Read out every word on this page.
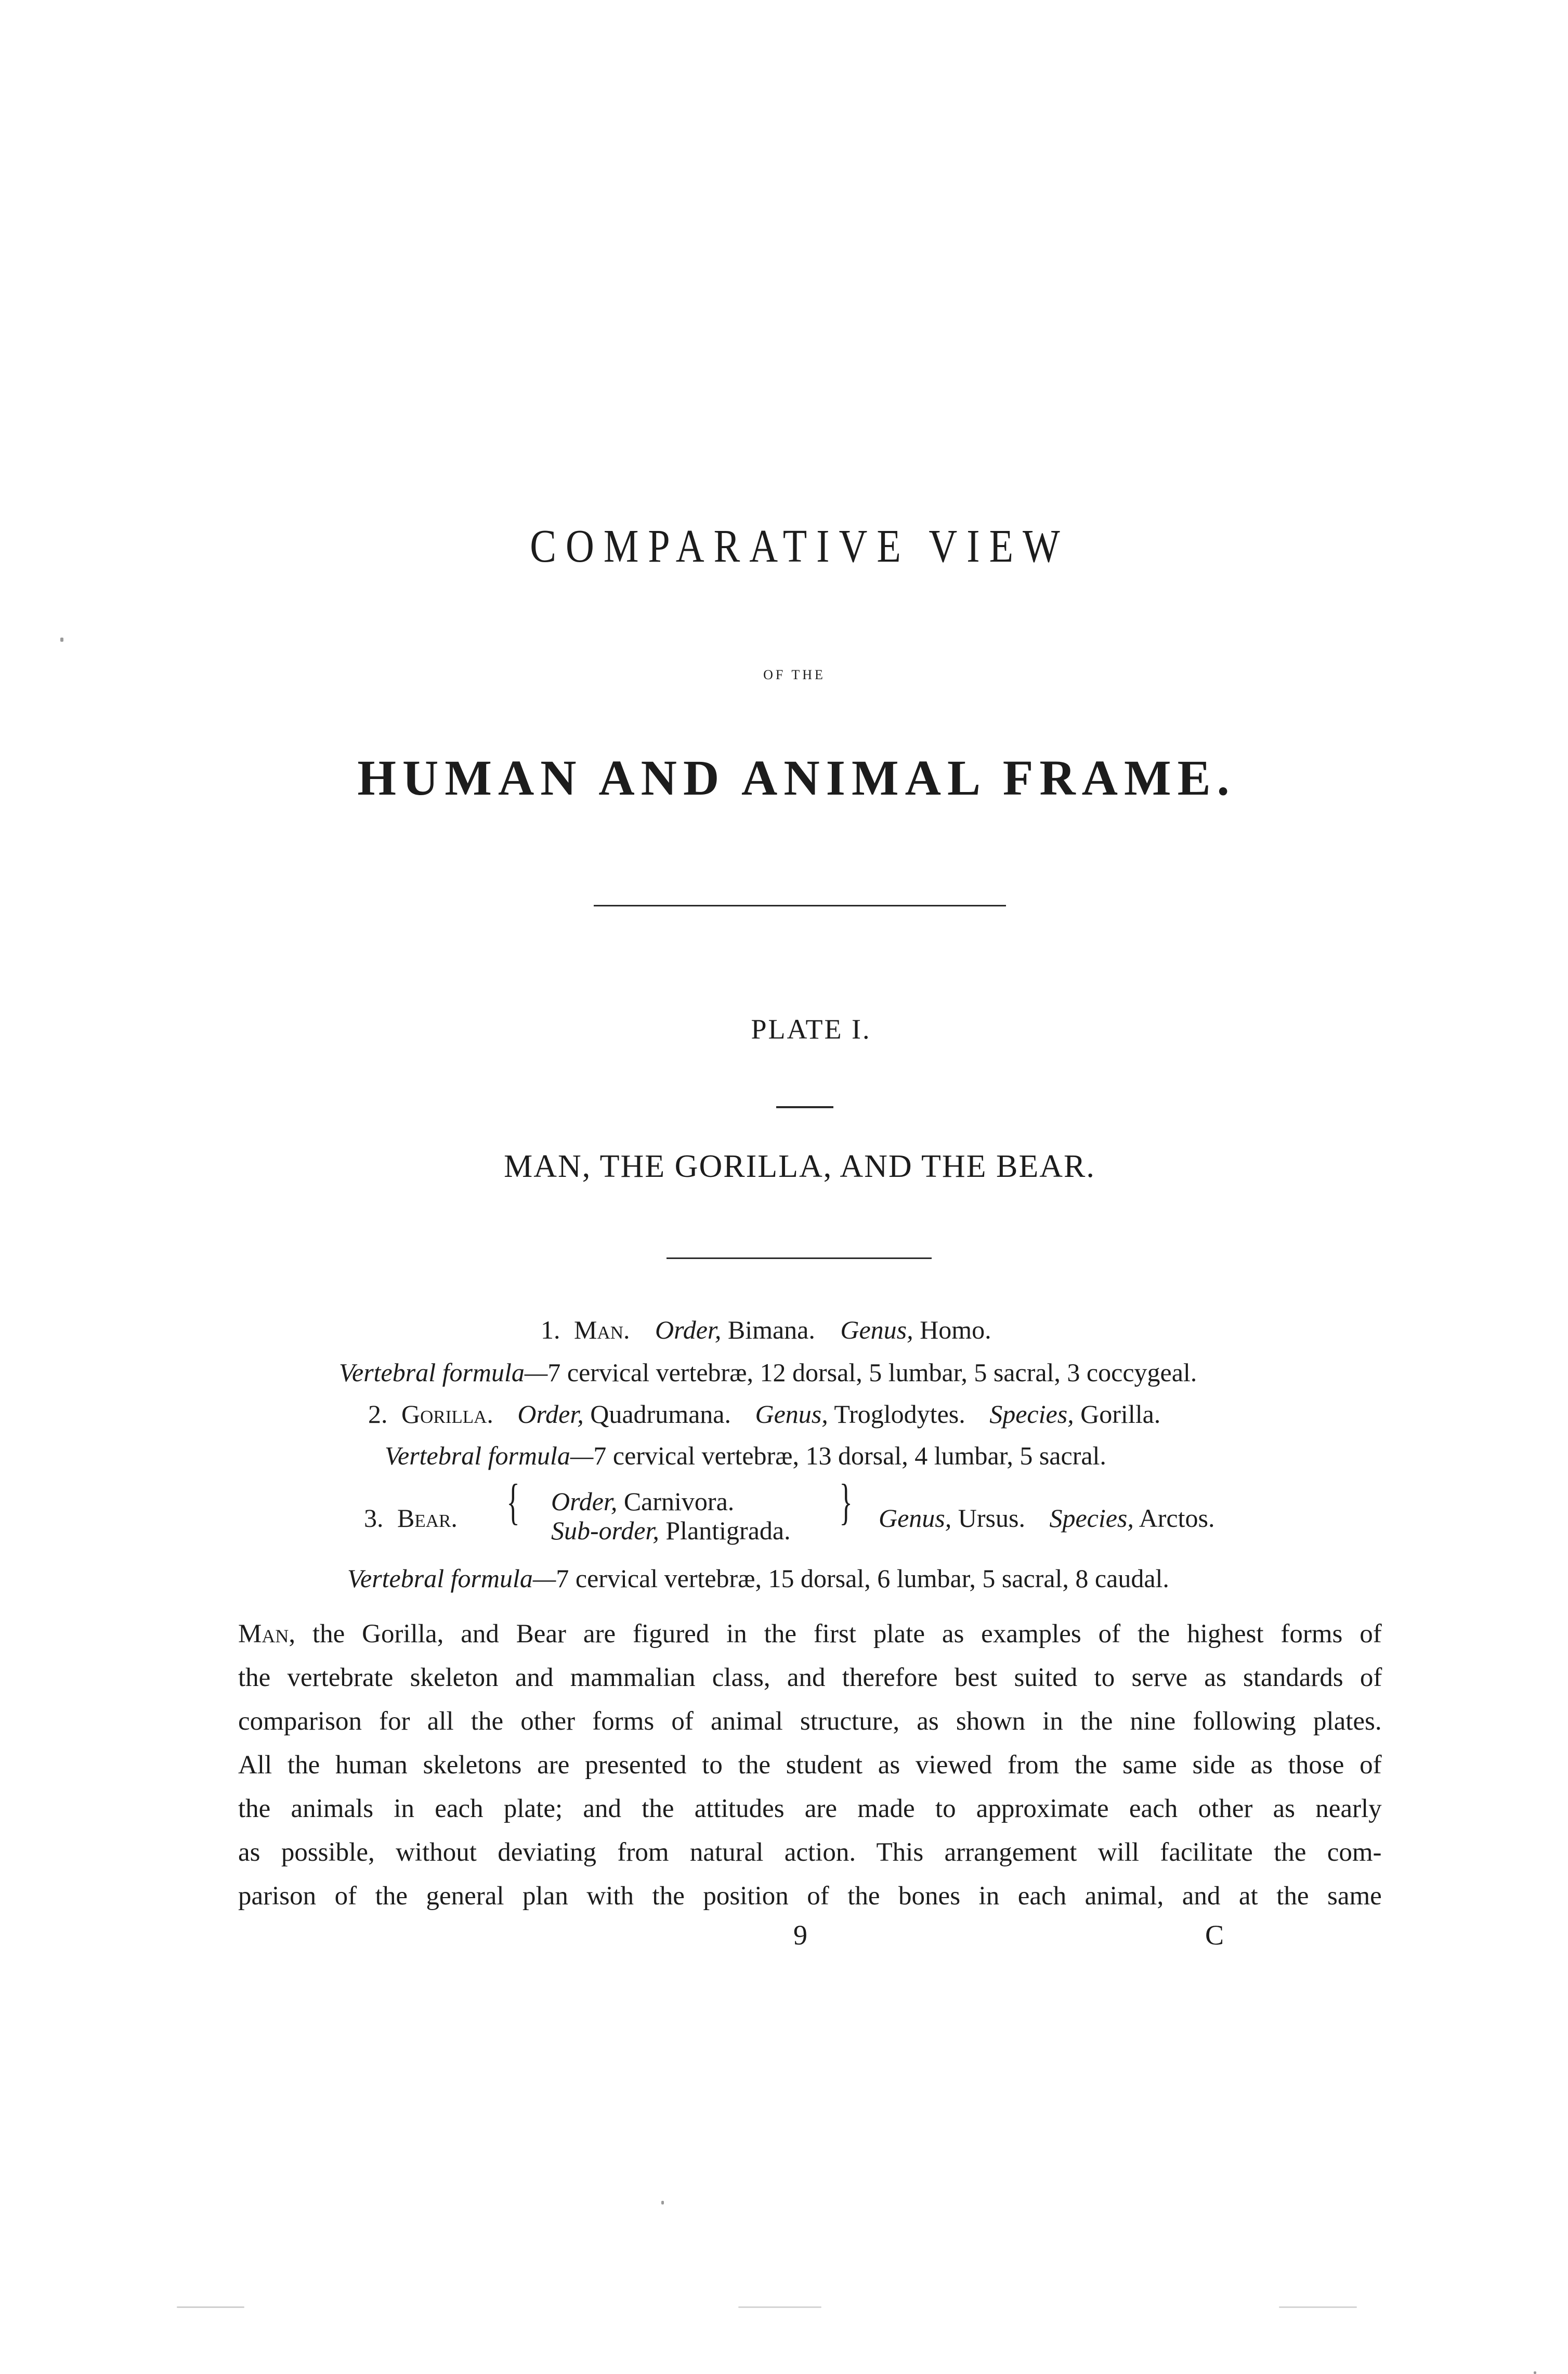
COMPARATIVE VIEW
OF THE
HUMAN AND ANIMAL FRAME.
PLATE I.
MAN, THE GORILLA, AND THE BEAR.
1. Man. Order, Bimana. Genus, Homo.
Vertebral formula—7 cervical vertebræ, 12 dorsal, 5 lumbar, 5 sacral, 3 coccygeal.
2. Gorilla. Order, Quadrumana. Genus, Troglodytes. Species, Gorilla.
Vertebral formula—7 cervical vertebræ, 13 dorsal, 4 lumbar, 5 sacral.
3. Bear. { Order, Carnivora.
Sub-order, Plantigrada.
} Genus, Ursus. Species, Arctos.
Vertebral formula—7 cervical vertebræ, 15 dorsal, 6 lumbar, 5 sacral, 8 caudal.
Man, the Gorilla, and Bear are figured in the first plate as examples of the highest forms of
the vertebrate skeleton and mammalian class, and therefore best suited to serve as standards of
comparison for all the other forms of animal structure, as shown in the nine following plates.
All the human skeletons are presented to the student as viewed from the same side as those of
the animals in each plate; and the attitudes are made to approximate each other as nearly
as possible, without deviating from natural action. This arrangement will facilitate the com-
parison of the general plan with the position of the bones in each animal, and at the same
9	C
